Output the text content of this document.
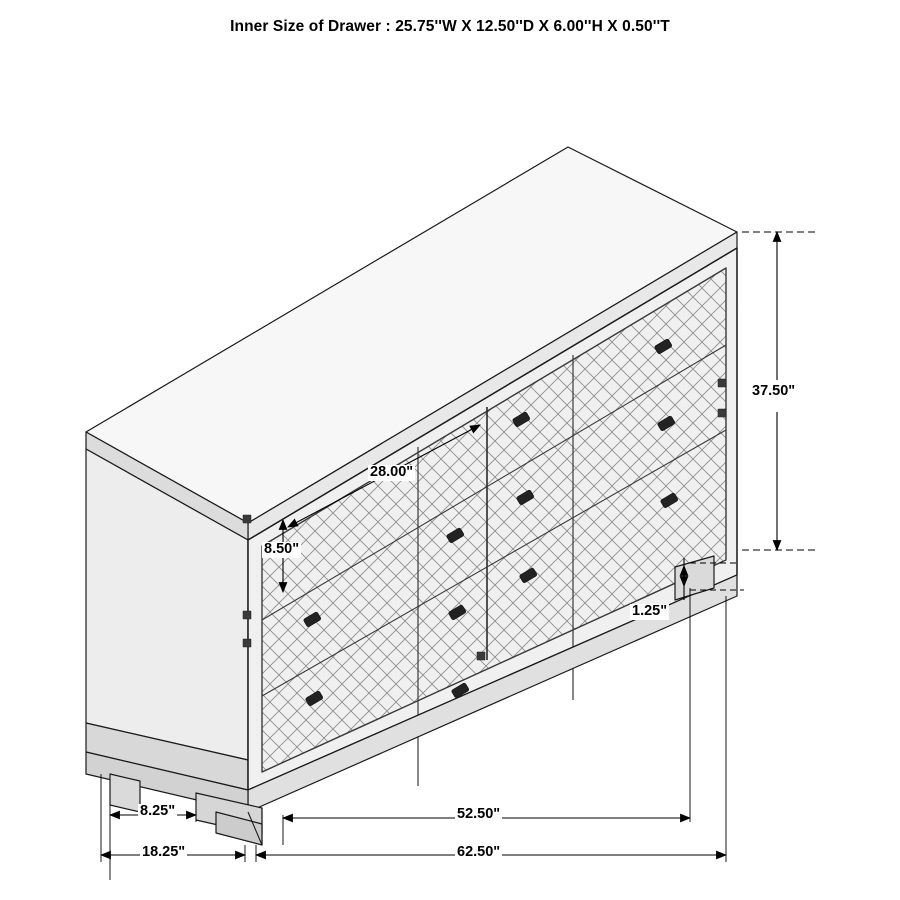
Inner Size of Drawer : 25.75''W X 12.50''D X 6.00''H X 0.50''T
37.50"
1.25"
28.00"
8.50"
8.25"	52.50"
18.25"	62.50"
